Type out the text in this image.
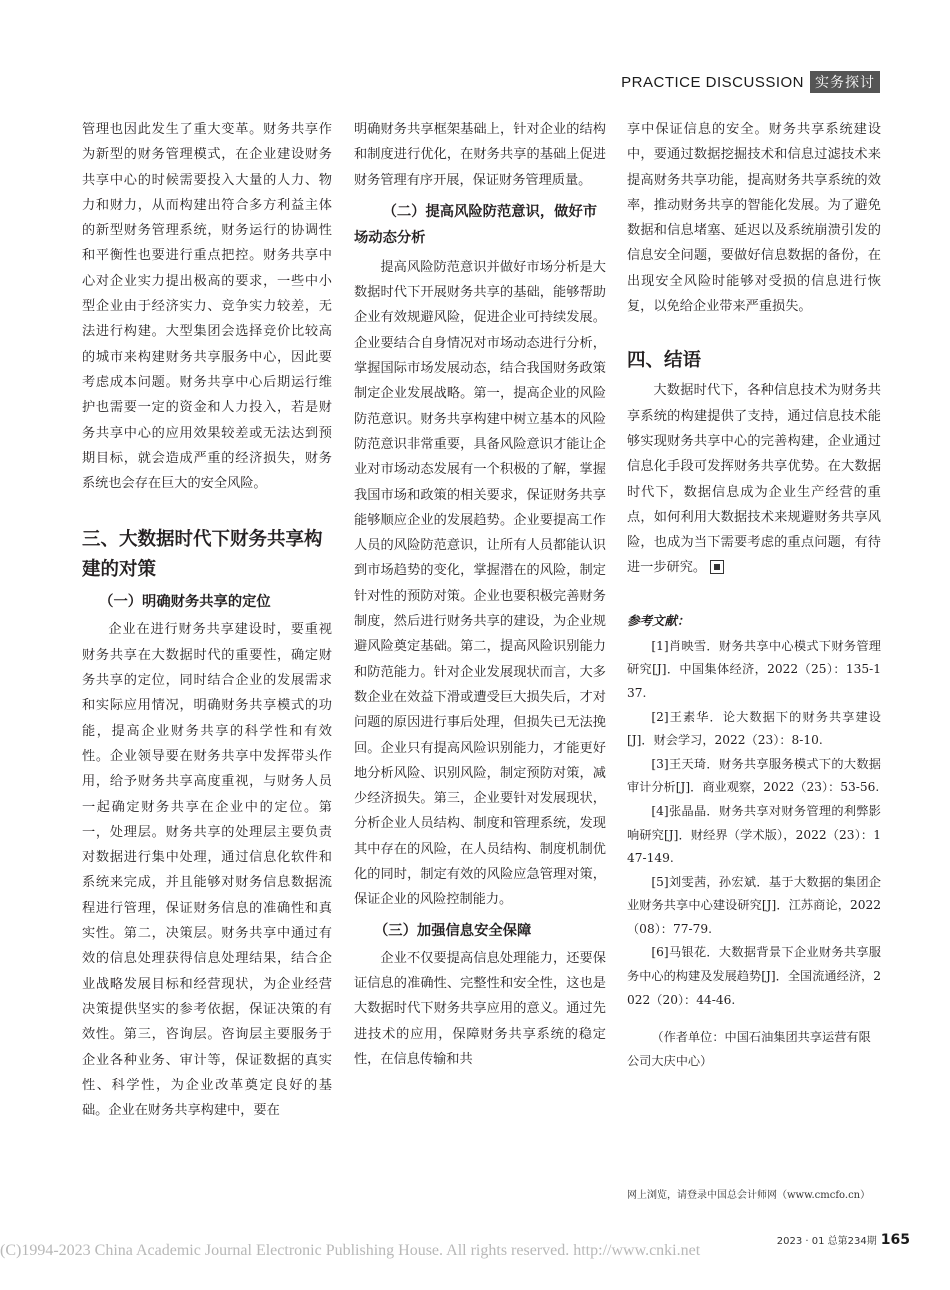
PRACTICE DISCUSSION 实务探讨

管理也因此发生了重大变革。财务共享作为新型的财务管理模式，在企业建设财务共享中心的时候需要投入大量的人力、物力和财力，从而构建出符合多方利益主体的新型财务管理系统，财务运行的协调性和平衡性也要进行重点把控。财务共享中心对企业实力提出极高的要求，一些中小型企业由于经济实力、竞争实力较差，无法进行构建。大型集团会选择竞价比较高的城市来构建财务共享服务中心，因此要考虑成本问题。财务共享中心后期运行维护也需要一定的资金和人力投入，若是财务共享中心的应用效果较差或无法达到预期目标，就会造成严重的经济损失，财务系统也会存在巨大的安全风险。

三、大数据时代下财务共享构建的对策

（一）明确财务共享的定位

企业在进行财务共享建设时，要重视财务共享在大数据时代的重要性，确定财务共享的定位，同时结合企业的发展需求和实际应用情况，明确财务共享模式的功能，提高企业财务共享的科学性和有效性。企业领导要在财务共享中发挥带头作用，给予财务共享高度重视，与财务人员一起确定财务共享在企业中的定位。第一，处理层。财务共享的处理层主要负责对数据进行集中处理，通过信息化软件和系统来完成，并且能够对财务信息数据流程进行管理，保证财务信息的准确性和真实性。第二，决策层。财务共享中通过有效的信息处理获得信息处理结果，结合企业战略发展目标和经营现状，为企业经营决策提供坚实的参考依据，保证决策的有效性。第三，咨询层。咨询层主要服务于企业各种业务、审计等，保证数据的真实性、科学性，为企业改革奠定良好的基础。企业在财务共享构建中，要在

明确财务共享框架基础上，针对企业的结构和制度进行优化，在财务共享的基础上促进财务管理有序开展，保证财务管理质量。

（二）提高风险防范意识，做好市场动态分析

提高风险防范意识并做好市场分析是大数据时代下开展财务共享的基础，能够帮助企业有效规避风险，促进企业可持续发展。企业要结合自身情况对市场动态进行分析，掌握国际市场发展动态，结合我国财务政策制定企业发展战略。第一，提高企业的风险防范意识。财务共享构建中树立基本的风险防范意识非常重要，具备风险意识才能让企业对市场动态发展有一个积极的了解，掌握我国市场和政策的相关要求，保证财务共享能够顺应企业的发展趋势。企业要提高工作人员的风险防范意识，让所有人员都能认识到市场趋势的变化，掌握潜在的风险，制定针对性的预防对策。企业也要积极完善财务制度，然后进行财务共享的建设，为企业规避风险奠定基础。第二，提高风险识别能力和防范能力。针对企业发展现状而言，大多数企业在效益下滑或遭受巨大损失后，才对问题的原因进行事后处理，但损失已无法挽回。企业只有提高风险识别能力，才能更好地分析风险、识别风险，制定预防对策，减少经济损失。第三，企业要针对发展现状，分析企业人员结构、制度和管理系统，发现其中存在的风险，在人员结构、制度机制优化的同时，制定有效的风险应急管理对策，保证企业的风险控制能力。

（三）加强信息安全保障

企业不仅要提高信息处理能力，还要保证信息的准确性、完整性和安全性，这也是大数据时代下财务共享应用的意义。通过先进技术的应用，保障财务共享系统的稳定性，在信息传输和共

享中保证信息的安全。财务共享系统建设中，要通过数据挖掘技术和信息过滤技术来提高财务共享功能，提高财务共享系统的效率，推动财务共享的智能化发展。为了避免数据和信息堵塞、延迟以及系统崩溃引发的信息安全问题，要做好信息数据的备份，在出现安全风险时能够对受损的信息进行恢复，以免给企业带来严重损失。

四、结语

大数据时代下，各种信息技术为财务共享系统的构建提供了支持，通过信息技术能够实现财务共享中心的完善构建，企业通过信息化手段可发挥财务共享优势。在大数据时代下，数据信息成为企业生产经营的重点，如何利用大数据技术来规避财务共享风险，也成为当下需要考虑的重点问题，有待进一步研究。

参考文献：

[1]肖映雪．财务共享中心模式下财务管理研究[J]．中国集体经济，2022（25）：135-137.

[2]王素华．论大数据下的财务共享建设[J]．财会学习，2022（23）：8-10.

[3]王天琦．财务共享服务模式下的大数据审计分析[J]．商业观察，2022（23）：53-56.

[4]张晶晶．财务共享对财务管理的利弊影响研究[J]．财经界（学术版），2022（23）：147-149.

[5]刘雯茜，孙宏斌．基于大数据的集团企业财务共享中心建设研究[J]．江苏商论，2022（08）：77-79.

[6]马银花．大数据背景下企业财务共享服务中心的构建及发展趋势[J]．全国流通经济，2022（20）：44-46.

（作者单位：中国石油集团共享运营有限公司大庆中心）

网上浏览，请登录中国总会计师网（www.cmcfo.cn）
2023 · 01 总第234期 165
(C)1994-2023 China Academic Journal Electronic Publishing House. All rights reserved. http://www.cnki.net
